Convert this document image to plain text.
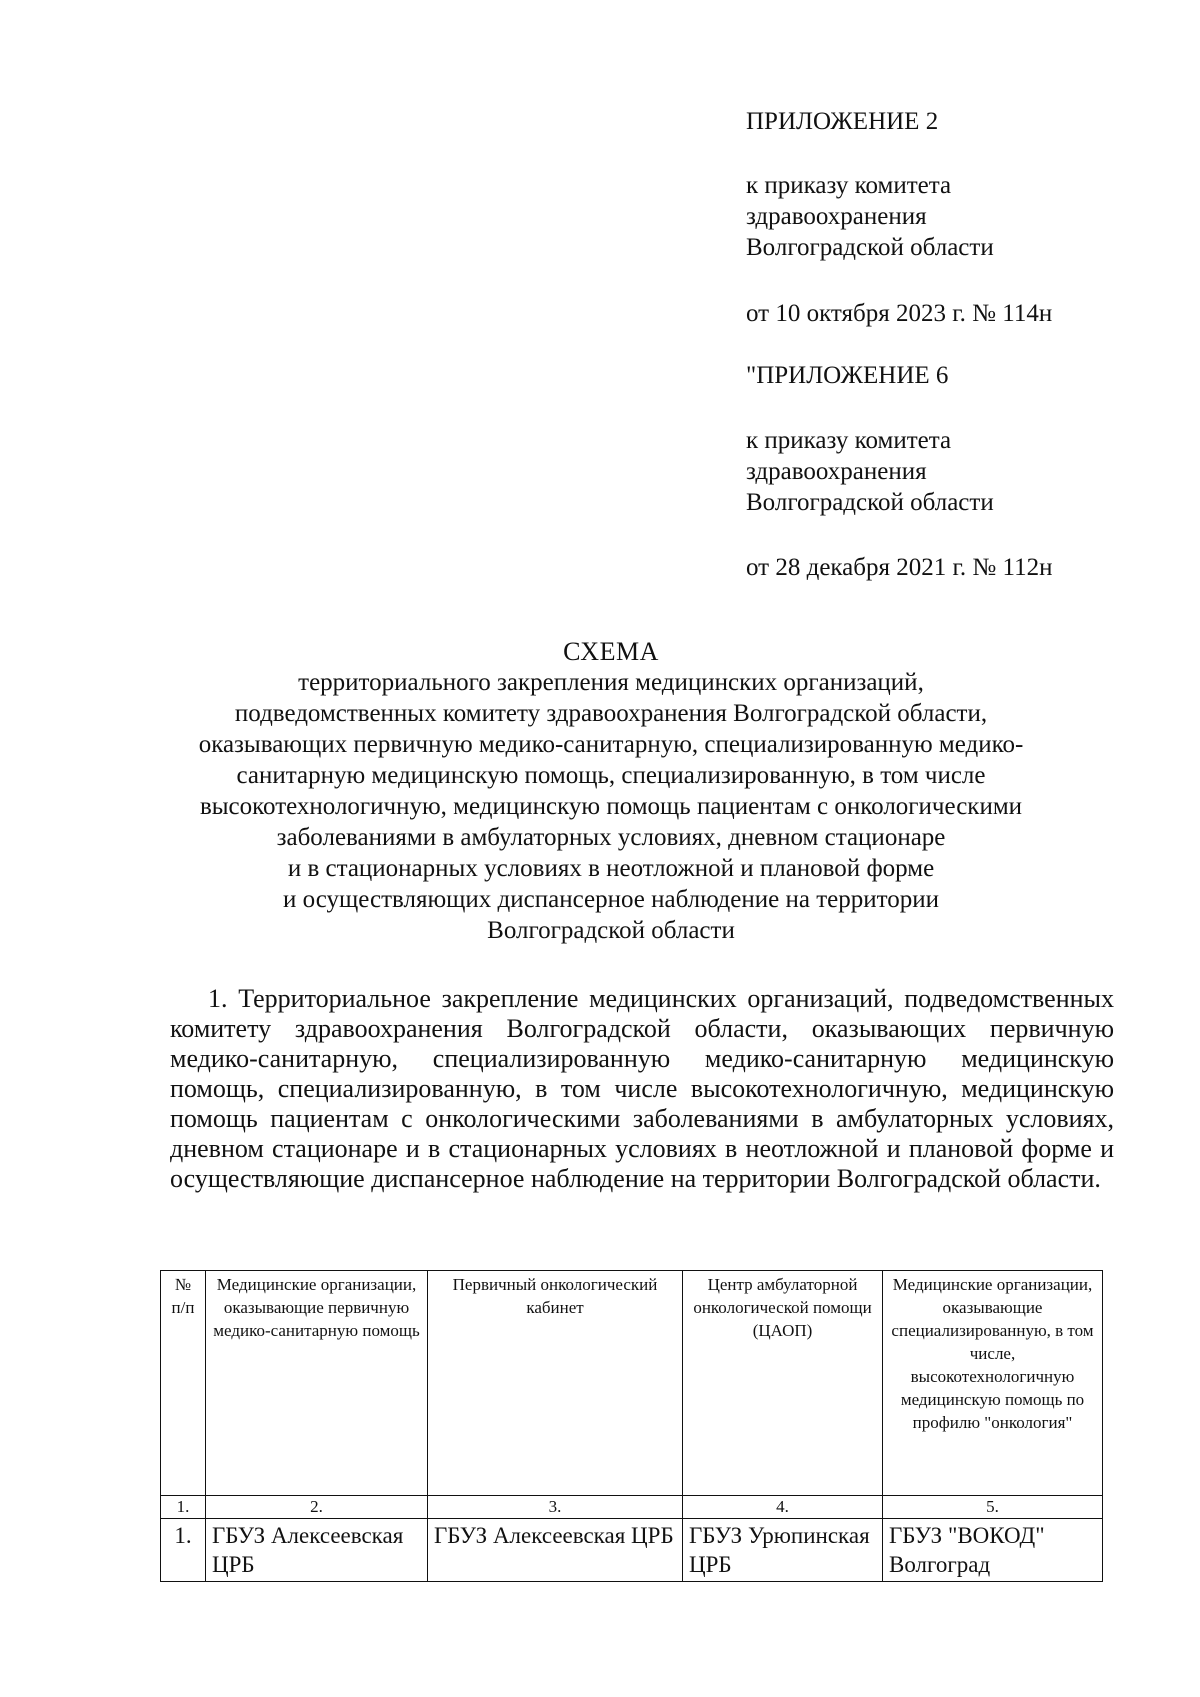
ПРИЛОЖЕНИЕ 2
к приказу комитета
здравоохранения
Волгоградской области
от 10 октября 2023 г. № 114н
"ПРИЛОЖЕНИЕ 6
к приказу комитета
здравоохранения
Волгоградской области
от 28 декабря 2021 г. № 112н
СХЕМА
территориального закрепления медицинских организаций,
подведомственных комитету здравоохранения Волгоградской области,
оказывающих первичную медико-санитарную, специализированную медико-
санитарную медицинскую помощь, специализированную, в том числе
высокотехнологичную, медицинскую помощь пациентам с онкологическими
заболеваниями в амбулаторных условиях, дневном стационаре
и в стационарных условиях в неотложной и плановой форме
и осуществляющих диспансерное наблюдение на территории
Волгоградской области

1. Территориальное закрепление медицинских организаций, подведомственных комитету здравоохранения Волгоградской области, оказывающих первичную медико-санитарную, специализированную медико-санитарную медицинскую помощь, специализированную, в том числе высокотехнологичную, медицинскую помощь пациентам с онкологическими заболеваниями в амбулаторных условиях, дневном стационаре и в стационарных условиях в неотложной и плановой форме и осуществляющие диспансерное наблюдение на территории Волгоградской области.

№ п/п	Медицинские организации, оказывающие первичную медико-санитарную помощь	Первичный онкологический кабинет	Центр амбулаторной онкологической помощи (ЦАОП)	Медицинские организации, оказывающие специализированную, в том числе, высокотехнологичную медицинскую помощь по профилю "онкология"
1.	2.	3.	4.	5.
1.	ГБУЗ Алексеевская ЦРБ	ГБУЗ Алексеевская ЦРБ	ГБУЗ Урюпинская ЦРБ	ГБУЗ "ВОКОД" Волгоград
